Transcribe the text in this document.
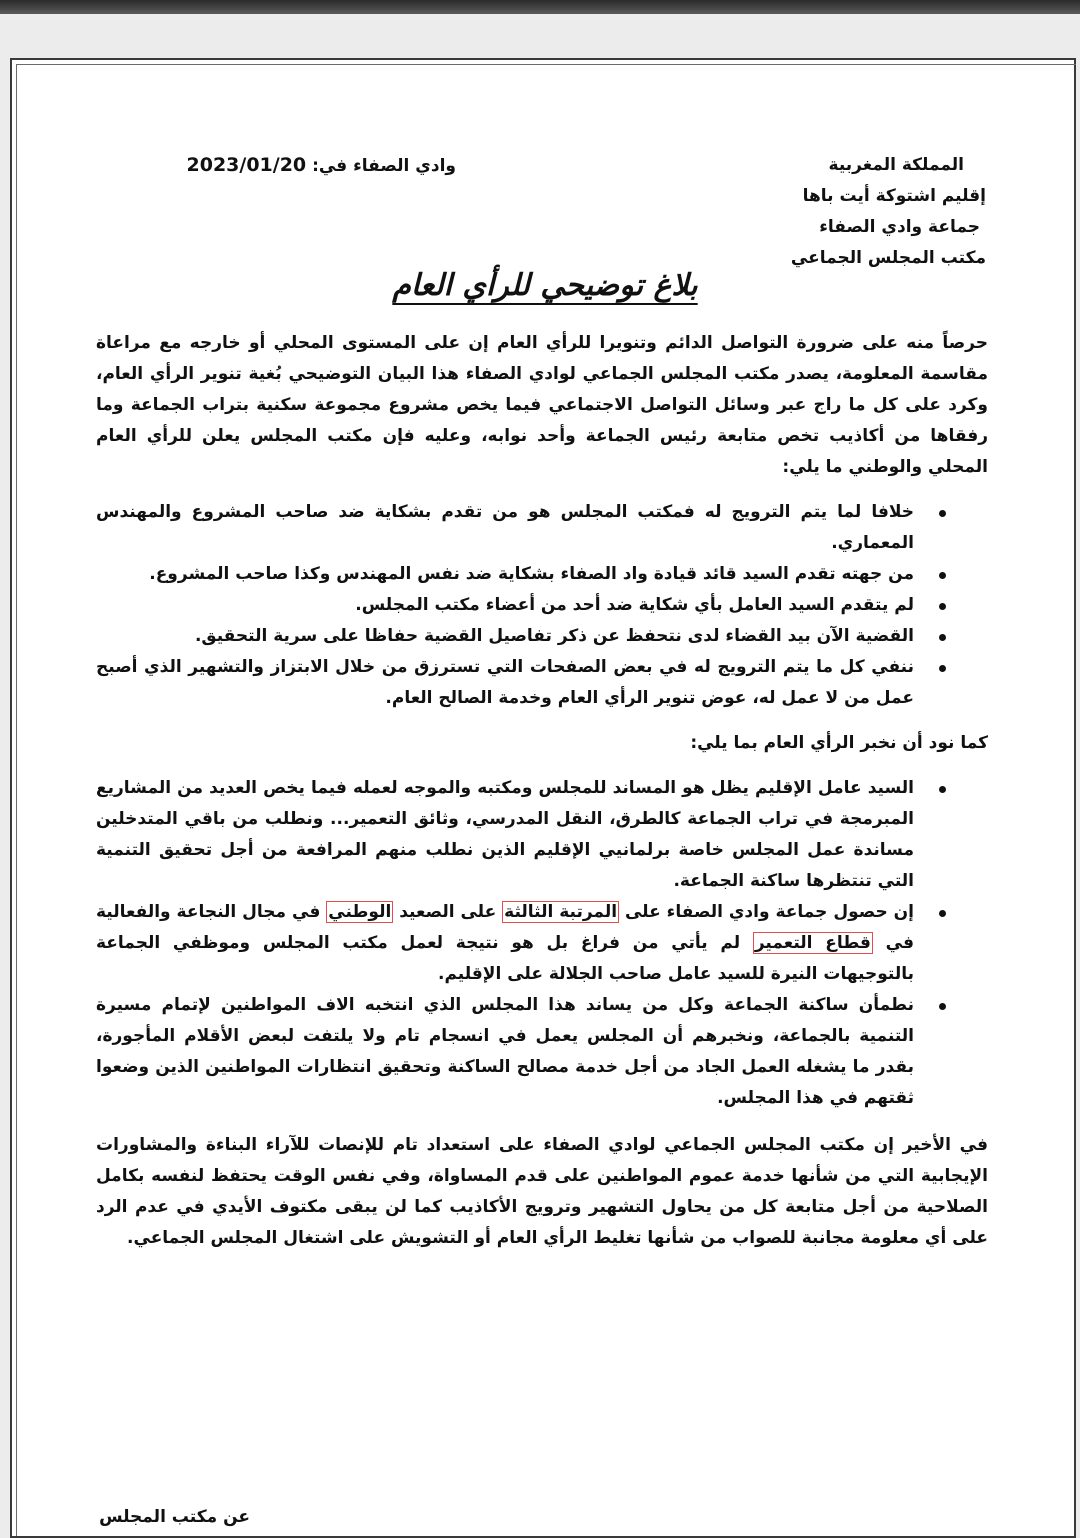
المملكة المغربية
إقليم اشتوكة أيت باها
جماعة وادي الصفاء
مكتب المجلس الجماعي
وادي الصفاء في: 2023/01/20
بلاغ توضيحي للرأي العام

حرصاً منه على ضرورة التواصل الدائم وتنويرا للرأي العام إن على المستوى المحلي أو خارجه مع مراعاة مقاسمة المعلومة، يصدر مكتب المجلس الجماعي لوادي الصفاء هذا البيان التوضيحي بُغية تنوير الرأي العام، وكرد على كل ما راج عبر وسائل التواصل الاجتماعي فيما يخص مشروع مجموعة سكنية بتراب الجماعة وما رفقاها من أكاذيب تخص متابعة رئيس الجماعة وأحد نوابه، وعليه فإن مكتب المجلس يعلن للرأي العام المحلي والوطني ما يلي:

خلافا لما يتم الترويج له فمكتب المجلس هو من تقدم بشكاية ضد صاحب المشروع والمهندس المعماري.
من جهته تقدم السيد قائد قيادة واد الصفاء بشكاية ضد نفس المهندس وكذا صاحب المشروع.
لم يتقدم السيد العامل بأي شكاية ضد أحد من أعضاء مكتب المجلس.
القضية الآن بيد القضاء لدى نتحفظ عن ذكر تفاصيل القضية حفاظا على سرية التحقيق.
ننفي كل ما يتم الترويج له في بعض الصفحات التي تسترزق من خلال الابتزاز والتشهير الذي أصبح عمل من لا عمل له، عوض تنوير الرأي العام وخدمة الصالح العام.

كما نود أن نخبر الرأي العام بما يلي:

السيد عامل الإقليم يظل هو المساند للمجلس ومكتبه والموجه لعمله فيما يخص العديد من المشاريع المبرمجة في تراب الجماعة كالطرق، النقل المدرسي، وثائق التعمير... ونطلب من باقي المتدخلين مساندة عمل المجلس خاصة برلمانيي الإقليم الذين نطلب منهم المرافعة من أجل تحقيق التنمية التي تنتظرها ساكنة الجماعة.
إن حصول جماعة وادي الصفاء على المرتبة الثالثة على الصعيد الوطني في مجال النجاعة والفعالية في قطاع التعمير لم يأتي من فراغ بل هو نتيجة لعمل مكتب المجلس وموظفي الجماعة بالتوجيهات النيرة للسيد عامل صاحب الجلالة على الإقليم.
نطمأن ساكنة الجماعة وكل من يساند هذا المجلس الذي انتخبه الاف المواطنين لإتمام مسيرة التنمية بالجماعة، ونخبرهم أن المجلس يعمل في انسجام تام ولا يلتفت لبعض الأقلام المأجورة، بقدر ما يشغله العمل الجاد من أجل خدمة مصالح الساكنة وتحقيق انتظارات المواطنين الذين وضعوا ثقتهم في هذا المجلس.

في الأخير إن مكتب المجلس الجماعي لوادي الصفاء على استعداد تام للإنصات للآراء البناءة والمشاورات الإيجابية التي من شأنها خدمة عموم المواطنين على قدم المساواة، وفي نفس الوقت يحتفظ لنفسه بكامل الصلاحية من أجل متابعة كل من يحاول التشهير وترويج الأكاذيب كما لن يبقى مكتوف الأيدي في عدم الرد على أي معلومة مجانبة للصواب من شأنها تغليط الرأي العام أو التشويش على اشتغال المجلس الجماعي.

عن مكتب المجلس
